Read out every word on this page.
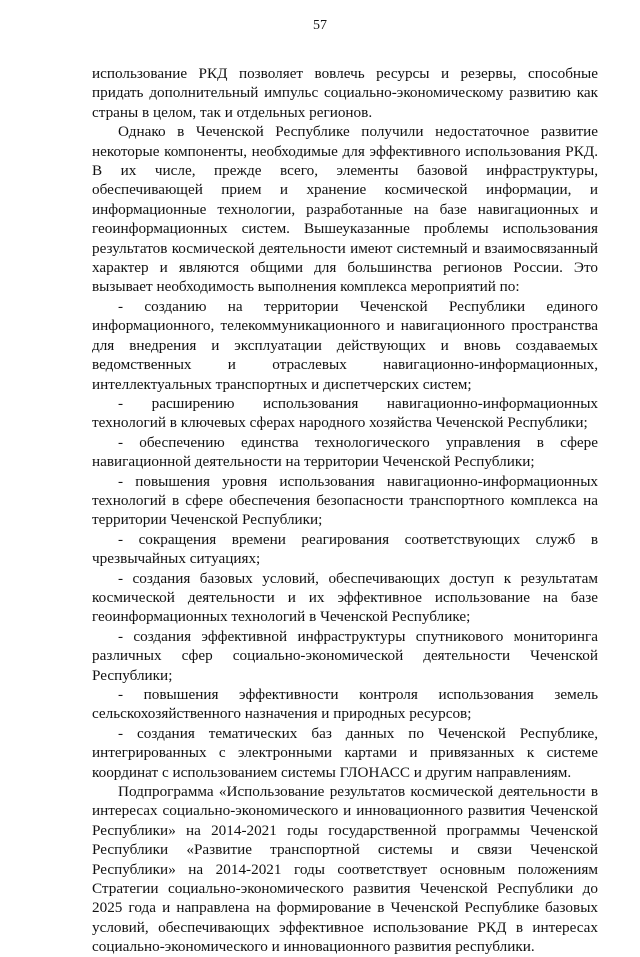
57

использование РКД позволяет вовлечь ресурсы и резервы, способные придать дополнительный импульс социально-экономическому развитию как страны в целом, так и отдельных регионов.

Однако в Чеченской Республике получили недостаточное развитие некоторые компоненты, необходимые для эффективного использования РКД. В их числе, прежде всего, элементы базовой инфраструктуры, обеспечивающей прием и хранение космической информации, и информационные технологии, разработанные на базе навигационных и геоинформационных систем. Вышеуказанные проблемы использования результатов космической деятельности имеют системный и взаимосвязанный характер и являются общими для большинства регионов России. Это вызывает необходимость выполнения комплекса мероприятий по:

- созданию на территории Чеченской Республики единого информационного, телекоммуникационного и навигационного пространства для внедрения и эксплуатации действующих и вновь создаваемых ведомственных и отраслевых навигационно-информационных, интеллектуальных транспортных и диспетчерских систем;

- расширению использования навигационно-информационных технологий в ключевых сферах народного хозяйства Чеченской Республики;

- обеспечению единства технологического управления в сфере навигационной деятельности на территории Чеченской Республики;

- повышения уровня использования навигационно-информационных технологий в сфере обеспечения безопасности транспортного комплекса на территории Чеченской Республики;

- сокращения времени реагирования соответствующих служб в чрезвычайных ситуациях;

- создания базовых условий, обеспечивающих доступ к результатам космической деятельности и их эффективное использование на базе геоинформационных технологий в Чеченской Республике;

- создания эффективной инфраструктуры спутникового мониторинга различных сфер социально-экономической деятельности Чеченской Республики;

- повышения эффективности контроля использования земель сельскохозяйственного назначения и природных ресурсов;

- создания тематических баз данных по Чеченской Республике, интегрированных с электронными картами и привязанных к системе координат с использованием системы ГЛОНАСС и другим направлениям.

Подпрограмма «Использование результатов космической деятельности в интересах социально-экономического и инновационного развития Чеченской Республики» на 2014-2021 годы государственной программы Чеченской Республики «Развитие транспортной системы и связи Чеченской Республики» на 2014-2021 годы соответствует основным положениям Стратегии социально-экономического развития Чеченской Республики до 2025 года и направлена на формирование в Чеченской Республике базовых условий, обеспечивающих эффективное использование РКД в интересах социально-экономического и инновационного развития республики.
